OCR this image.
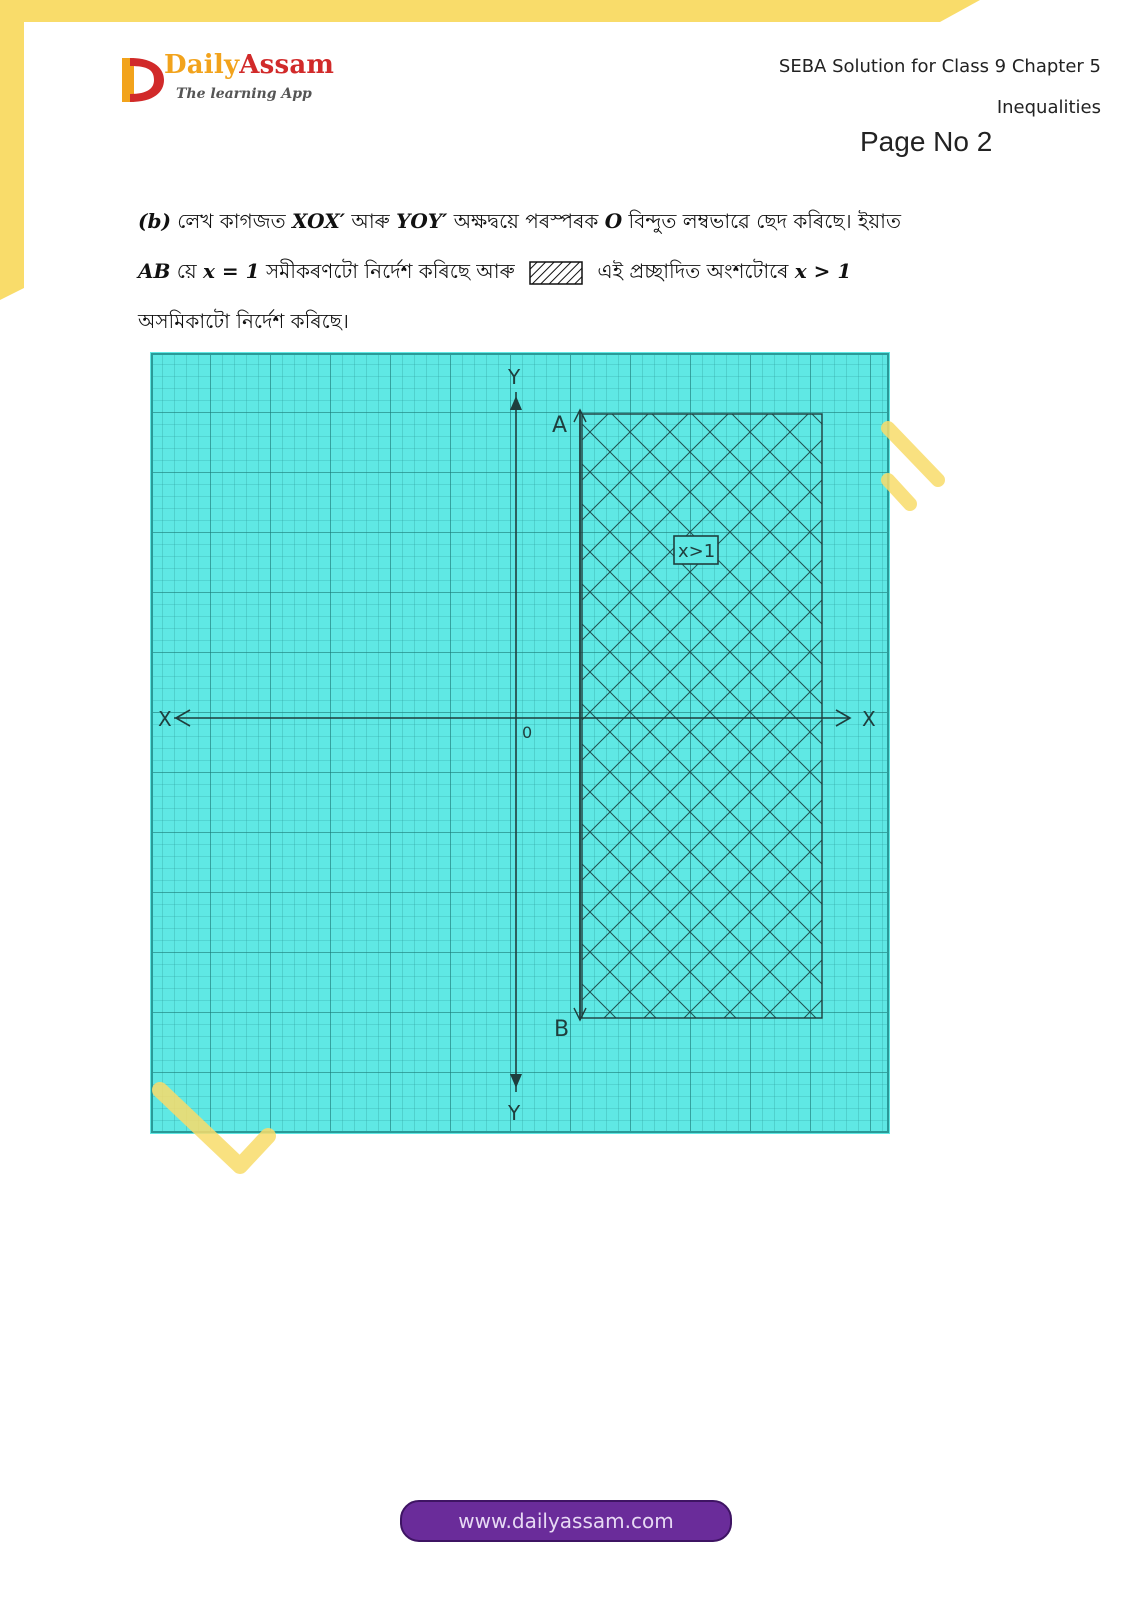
DailyAssam
The learning App
SEBA Solution for Class 9 Chapter 5
Inequalities
Page No 2
(b) লেখ কাগজত XOX′ আৰু YOY′ অক্ষদ্বয়ে পৰস্পৰক O বিন্দুত লম্বভাৱে ছেদ কৰিছে। ইয়াত
AB য়ে x = 1 সমীকৰণটো নিৰ্দেশ কৰিছে আৰু	এই প্ৰচ্ছাদিত অংশটোৰে x > 1
অসমিকাটো নিৰ্দেশ কৰিছে।
Y
Y
X	X
0
A
B
x>1
www.dailyassam.com
